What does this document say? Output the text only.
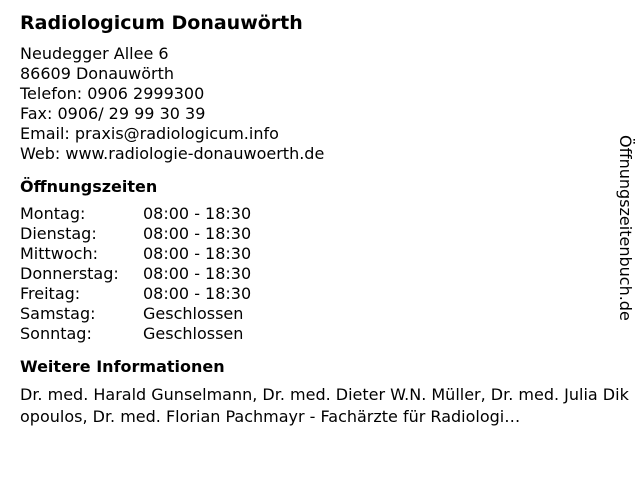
Radiologicum Donauwörth
Neudegger Allee 6
86609 Donauwörth
Telefon: 0906 2999300
Fax: 0906/ 29 99 30 39
Email: praxis@radiologicum.info
Web: www.radiologie-donauwoerth.de
Öffnungszeiten
Montag:	08:00 - 18:30
Dienstag:	08:00 - 18:30
Mittwoch:	08:00 - 18:30
Donnerstag:	08:00 - 18:30
Freitag:	08:00 - 18:30
Samstag:	Geschlossen
Sonntag:	Geschlossen
Weitere Informationen
Dr. med. Harald Gunselmann, Dr. med. Dieter W.N. Müller, Dr. med. Julia Dikopoulos, Dr. med. Florian Pachmayr - Fachärzte für Radiologi…
Öffnungszeitenbuch.de
